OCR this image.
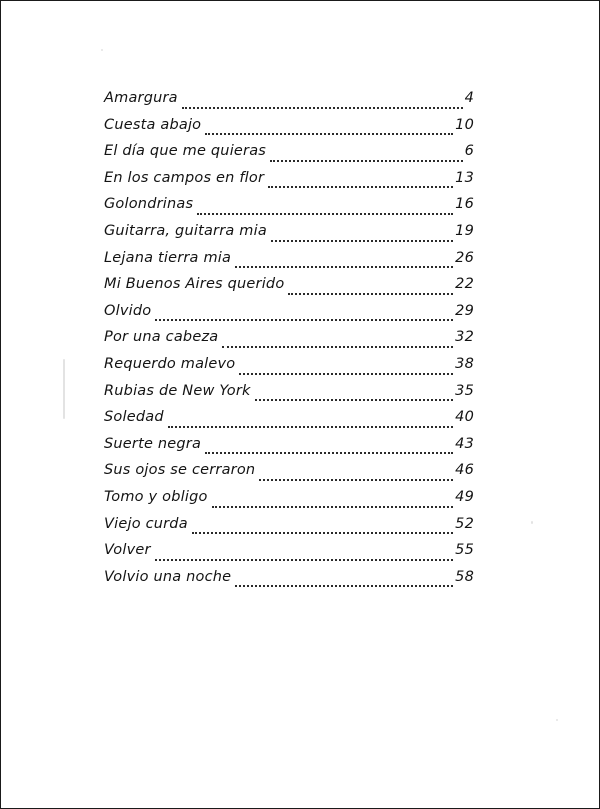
Amargura	4
Cuesta abajo	10
El día que me quieras	6
En los campos en flor	13
Golondrinas	16
Guitarra, guitarra mia	19
Lejana tierra mia	26
Mi Buenos Aires querido	22
Olvido	29
Por una cabeza	32
Requerdo malevo	38
Rubias de New York	35
Soledad	40
Suerte negra	43
Sus ojos se cerraron	46
Tomo y obligo	49
Viejo curda	52
Volver	55
Volvio una noche	58
